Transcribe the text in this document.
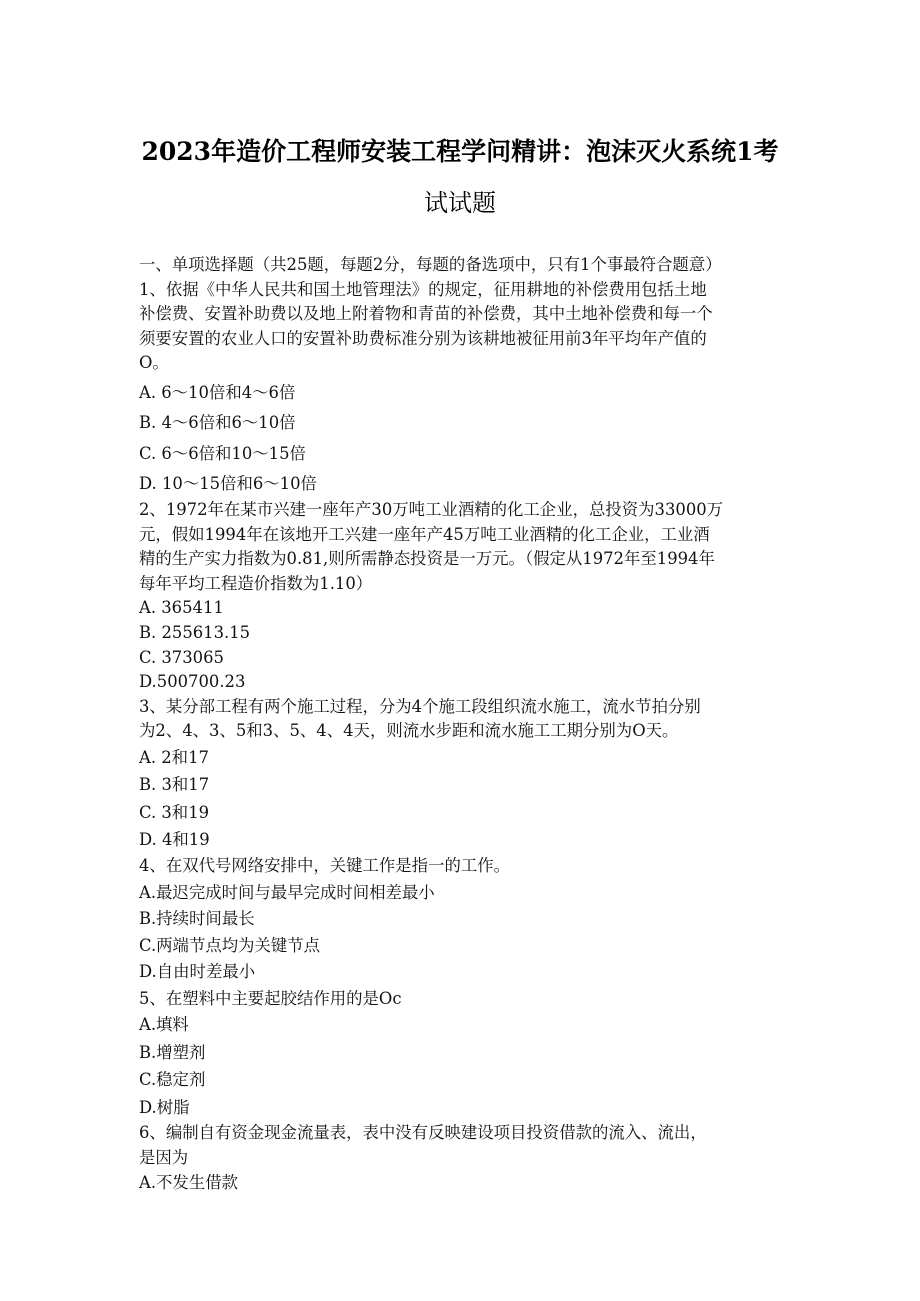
2023年造价工程师安装工程学问精讲：泡沫灭火系统1考
试试题
一、单项选择题（共25题，每题2分，每题的备选项中，只有1个事最符合题意）
1、依据《中华人民共和国土地管理法》的规定，征用耕地的补偿费用包括土地
补偿费、安置补助费以及地上附着物和青苗的补偿费，其中土地补偿费和每一个
须要安置的农业人口的安置补助费标准分别为该耕地被征用前3年平均年产值的
O。
A. 6～10倍和4～6倍
B. 4～6倍和6～10倍
C. 6～6倍和10～15倍
D. 10～15倍和6～10倍
2、1972年在某市兴建一座年产30万吨工业酒精的化工企业，总投资为33000万
元，假如1994年在该地开工兴建一座年产45万吨工业酒精的化工企业，工业酒
精的生产实力指数为0.81,则所需静态投资是一万元。（假定从1972年至1994年
每年平均工程造价指数为1.10）
A. 365411
B. 255613.15
C. 373065
D.500700.23
3、某分部工程有两个施工过程，分为4个施工段组织流水施工，流水节拍分别
为2、4、3、5和3、5、4、4天，则流水步距和流水施工工期分别为O天。
A. 2和17
B. 3和17
C. 3和19
D. 4和19
4、在双代号网络安排中，关键工作是指一的工作。
A.最迟完成时间与最早完成时间相差最小
B.持续时间最长
C.两端节点均为关键节点
D.自由时差最小
5、在塑料中主要起胶结作用的是Oc
A.填料
B.增塑剂
C.稳定剂
D.树脂
6、编制自有资金现金流量表，表中没有反映建设项目投资借款的流入、流出，
是因为
A.不发生借款
